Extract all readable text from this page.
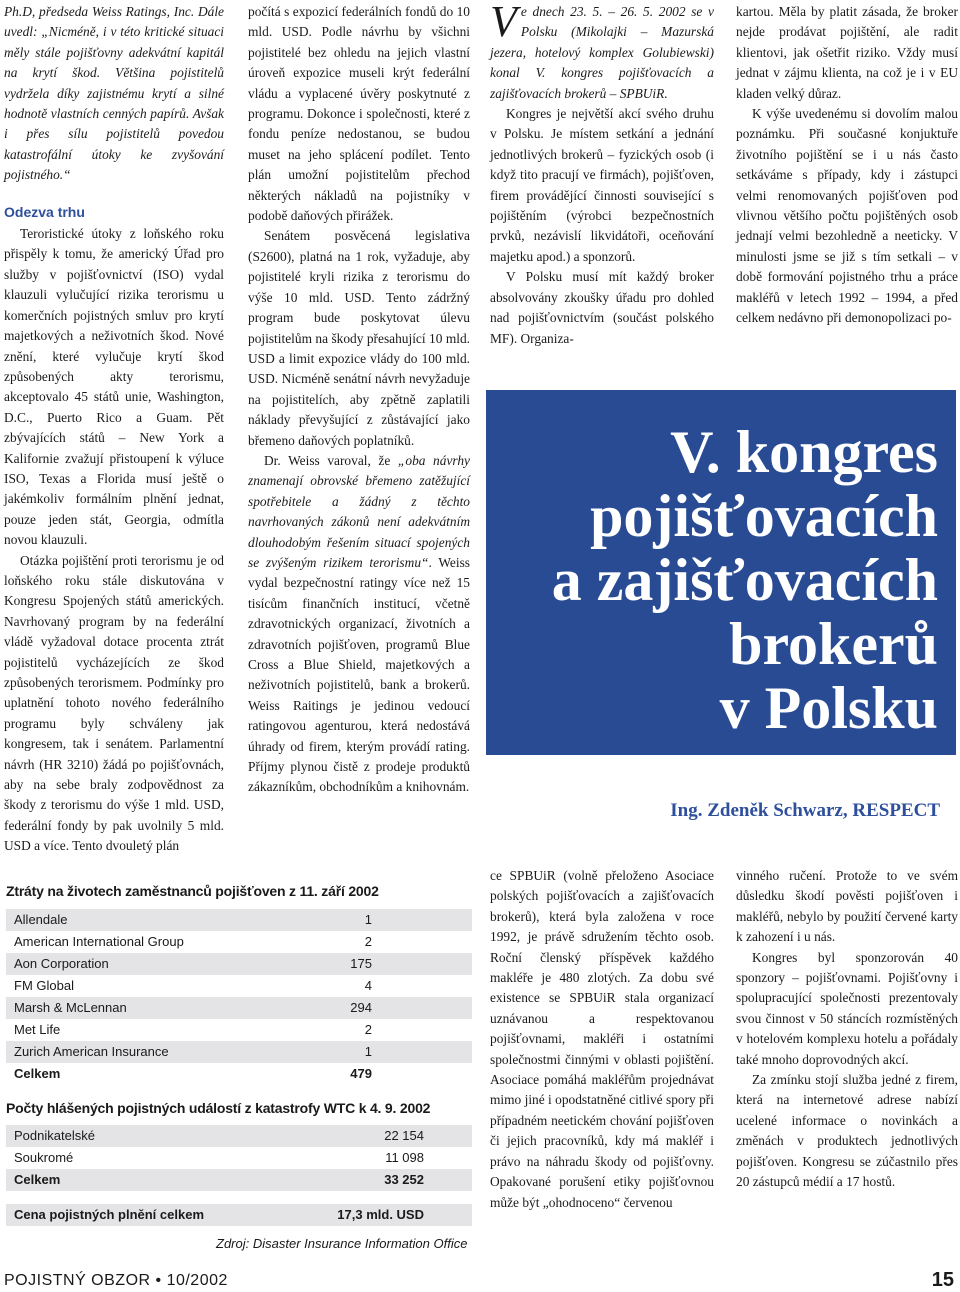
Ph.D, předseda Weiss Ratings, Inc. Dále uvedl: „Nicméně, i v této kritické situaci měly stále pojišťovny adekvátní kapitál na krytí škod. Většina pojistitelů vydržela díky zajistnému krytí a silné hodnotě vlastních cenných papírů. Avšak i přes sílu pojistitelů povedou katastrofální útoky ke zvyšování pojistného.“

Odezva trhu

Teroristické útoky z loňského roku přispěly k tomu, že americký Úřad pro služby v pojišťovnictví (ISO) vydal klauzuli vylučující rizika terorismu u komerčních pojistných smluv pro krytí majetkových a neživotních škod. Nové znění, které vylučuje krytí škod způsobených akty terorismu, akceptovalo 45 států unie, Washington, D.C., Puerto Rico a Guam. Pět zbývajících států – New York a Kalifornie zvažují přistoupení k výluce ISO, Texas a Florida musí ještě o jakémkoliv formálním plnění jednat, pouze jeden stát, Georgia, odmítla novou klauzuli.

Otázka pojištění proti terorismu je od loňského roku stále diskutována v Kongresu Spojených států amerických. Navrhovaný program by na federální vládě vyžadoval dotace procenta ztrát pojistitelů vycházejících ze škod způsobených terorismem. Podmínky pro uplatnění tohoto nového federálního programu byly schváleny jak kongresem, tak i senátem. Parlamentní návrh (HR 3210) žádá po pojišťovnách, aby na sebe braly zodpovědnost za škody z terorismu do výše 1 mld. USD, federální fondy by pak uvolnily 5 mld. USD a více. Tento dvouletý plán

počítá s expozicí federálních fondů do 10 mld. USD. Podle návrhu by všichni pojistitelé bez ohledu na jejich vlastní úroveň expozice museli krýt federální vládu a vyplacené úvěry poskytnuté z programu. Dokonce i společnosti, které z fondu peníze nedostanou, se budou muset na jeho splácení podílet. Tento plán umožní pojistitelům přechod některých nákladů na pojistníky v podobě daňových přirážek.

Senátem posvěcená legislativa (S2600), platná na 1 rok, vyžaduje, aby pojistitelé kryli rizika z terorismu do výše 10 mld. USD. Tento zádržný program bude poskytovat úlevu pojistitelům na škody přesahující 10 mld. USD a limit expozice vlády do 100 mld. USD. Nicméně senátní návrh nevyžaduje na pojistitelích, aby zpětně zaplatili náklady převyšující z zůstávající jako břemeno daňových poplatníků.

Dr. Weiss varoval, že „oba návrhy znamenají obrovské břemeno zatěžující spotřebitele a žádný z těchto navrhovaných zákonů není adekvátním dlouhodobým řešením situací spojených se zvýšeným rizikem terorismu“. Weiss vydal bezpečnostní ratingy více než 15 tisícům finančních institucí, včetně zdravotnických organizací, životních a zdravotních pojišťoven, programů Blue Cross a Blue Shield, majetkových a neživotních pojistitelů, bank a brokerů. Weiss Raitings je jedinou vedoucí ratingovou agenturou, která nedostává úhrady od firem, kterým provádí rating. Příjmy plynou čistě z prodeje produktů zákazníkům, obchodníkům a knihovnám.

Ve dnech 23. 5. – 26. 5. 2002 se v Polsku (Mikolajki – Mazurská jezera, hotelový komplex Golubiewski) konal V. kongres pojišťovacích a zajišťovacích brokerů – SPBUiR.

Kongres je největší akcí svého druhu v Polsku. Je místem setkání a jednání jednotlivých brokerů – fyzických osob (i když tito pracují ve firmách), pojišťoven, firem provádějící činnosti související s pojištěním (výrobci bezpečnostních prvků, nezávislí likvidátoři, oceňování majetku apod.) a sponzorů.

V Polsku musí mít každý broker absolvovány zkoušky úřadu pro dohled nad pojišťovnictvím (součást polského MF). Organiza-

kartou. Měla by platit zásada, že broker nejde prodávat pojištění, ale radit klientovi, jak ošetřit riziko. Vždy musí jednat v zájmu klienta, na což je i v EU kladen velký důraz.

K výše uvedenému si dovolím malou poznámku. Při současné konjuktuře životního pojištění se i u nás často setkáváme s případy, kdy i zástupci velmi renomovaných pojišťoven pod vlivnou většího počtu pojištěných osob jednají velmi bezohledně a neeticky. V minulosti jsme se již s tím setkali – v době formování pojistného trhu a práce makléřů v letech 1992 – 1994, a před celkem nedávno při demonopolizaci po-

V. kongres
pojišťovacích
a zajišťovacích
brokerů
v Polsku
Ing. Zdeněk Schwarz, RESPECT

ce SPBUiR (volně přeloženo Asociace polských pojišťovacích a zajišťovacích brokerů), která byla založena v roce 1992, je právě sdružením těchto osob. Roční členský příspěvek každého makléře je 480 zlotých. Za dobu své existence se SPBUiR stala organizací uznávanou a respektovanou pojišťovnami, makléři i ostatními společnostmi činnými v oblasti pojištění. Asociace pomáhá makléřům projednávat mimo jiné i opodstatněné citlivé spory při případném neetickém chování pojišťoven či jejich pracovníků, kdy má makléř i právo na náhradu škody od pojišťovny. Opakované porušení etiky pojišťovnou může být „ohodnoceno“ červenou

vinného ručení. Protože to ve svém důsledku škodí pověsti pojišťoven i makléřů, nebylo by použití červené karty k zahození i u nás.

Kongres byl sponzorován 40 sponzory – pojišťovnami. Pojišťovny i spolupracující společnosti prezentovaly svou činnost v 50 stáncích rozmístěných v hotelovém komplexu hotelu a pořádaly také mnoho doprovodných akcí.

Za zmínku stojí služba jedné z firem, která na internetové adrese nabízí ucelené informace o novinkách a změnách v produktech jednotlivých pojišťoven. Kongresu se zúčastnilo přes 20 zástupců médií a 17 hostů.

Ztráty na životech zaměstnanců pojišťoven z 11. září 2002
Allendale	1
American International Group	2
Aon Corporation	175
FM Global	4
Marsh & McLennan	294
Met Life	2
Zurich American Insurance	1
Celkem	479
Počty hlášených pojistných událostí z katastrofy WTC k 4. 9. 2002
Podnikatelské	22 154
Soukromé	11 098
Celkem	33 252
Cena pojistných plnění celkem	17,3 mld. USD
Zdroj: Disaster Insurance Information Office
POJISTNÝ OBZOR • 10/2002	15
